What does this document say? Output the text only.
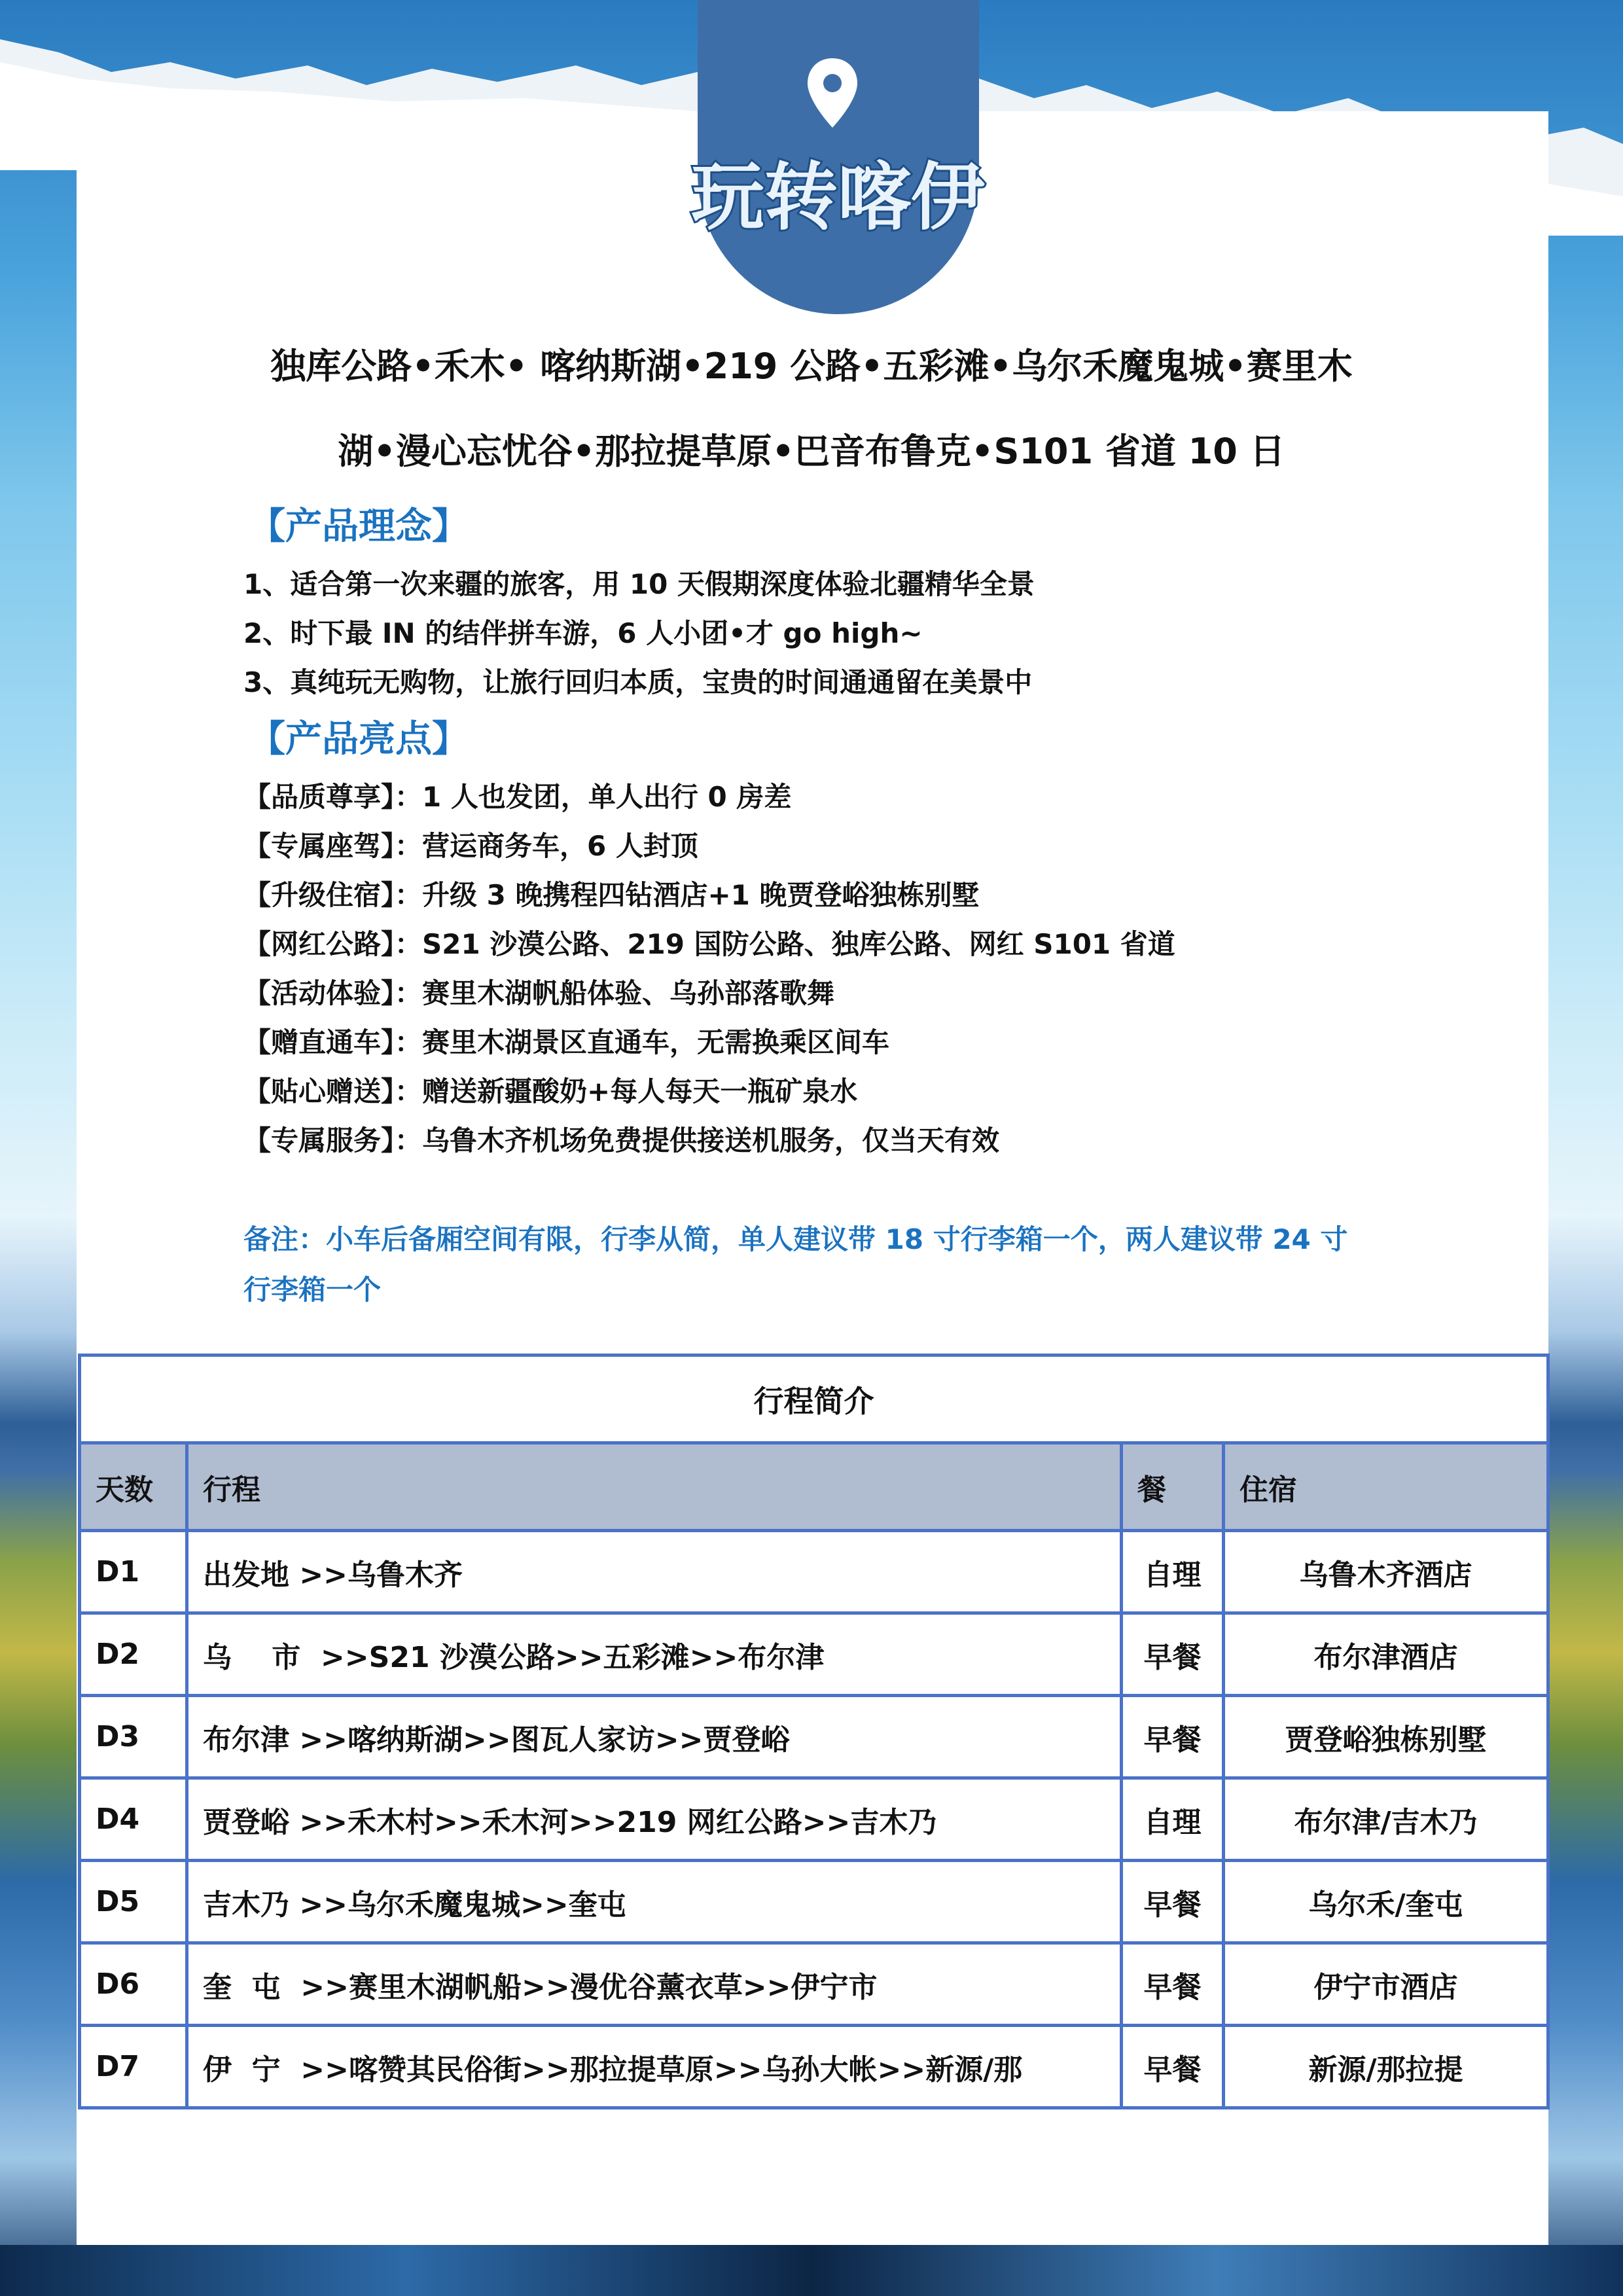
玩转喀伊
独库公路•禾木• 喀纳斯湖•219 公路•五彩滩•乌尔禾魔鬼城•赛里木
湖•漫心忘忧谷•那拉提草原•巴音布鲁克•S101 省道 10 日
【产品理念】
1、适合第一次来疆的旅客，用 10 天假期深度体验北疆精华全景
2、时下最 IN 的结伴拼车游，6 人小团•才 go high~
3、真纯玩无购物，让旅行回归本质，宝贵的时间通通留在美景中
【产品亮点】
【品质尊享】：1 人也发团，单人出行 0 房差
【专属座驾】：营运商务车，6 人封顶
【升级住宿】：升级 3 晚携程四钻酒店+1 晚贾登峪独栋别墅
【网红公路】：S21 沙漠公路、219 国防公路、独库公路、网红 S101 省道
【活动体验】：赛里木湖帆船体验、乌孙部落歌舞
【赠直通车】：赛里木湖景区直通车，无需换乘区间车
【贴心赠送】：赠送新疆酸奶+每人每天一瓶矿泉水
【专属服务】：乌鲁木齐机场免费提供接送机服务，仅当天有效
备注：小车后备厢空间有限，行李从简，单人建议带 18 寸行李箱一个，两人建议带 24 寸
行李箱一个
行程简介			
天数	行程	餐	住宿
D1	出发地 >>乌鲁木齐	自理	乌鲁木齐酒店
D2	乌    市  >>S21 沙漠公路>>五彩滩>>布尔津	早餐	布尔津酒店
D3	布尔津 >>喀纳斯湖>>图瓦人家访>>贾登峪	早餐	贾登峪独栋别墅
D4	贾登峪 >>禾木村>>禾木河>>219 网红公路>>吉木乃	自理	布尔津/吉木乃
D5	吉木乃 >>乌尔禾魔鬼城>>奎屯	早餐	乌尔禾/奎屯
D6	奎  屯  >>赛里木湖帆船>>漫优谷薰衣草>>伊宁市	早餐	伊宁市酒店
D7	伊  宁  >>喀赞其民俗街>>那拉提草原>>乌孙大帐>>新源/那	早餐	新源/那拉提
